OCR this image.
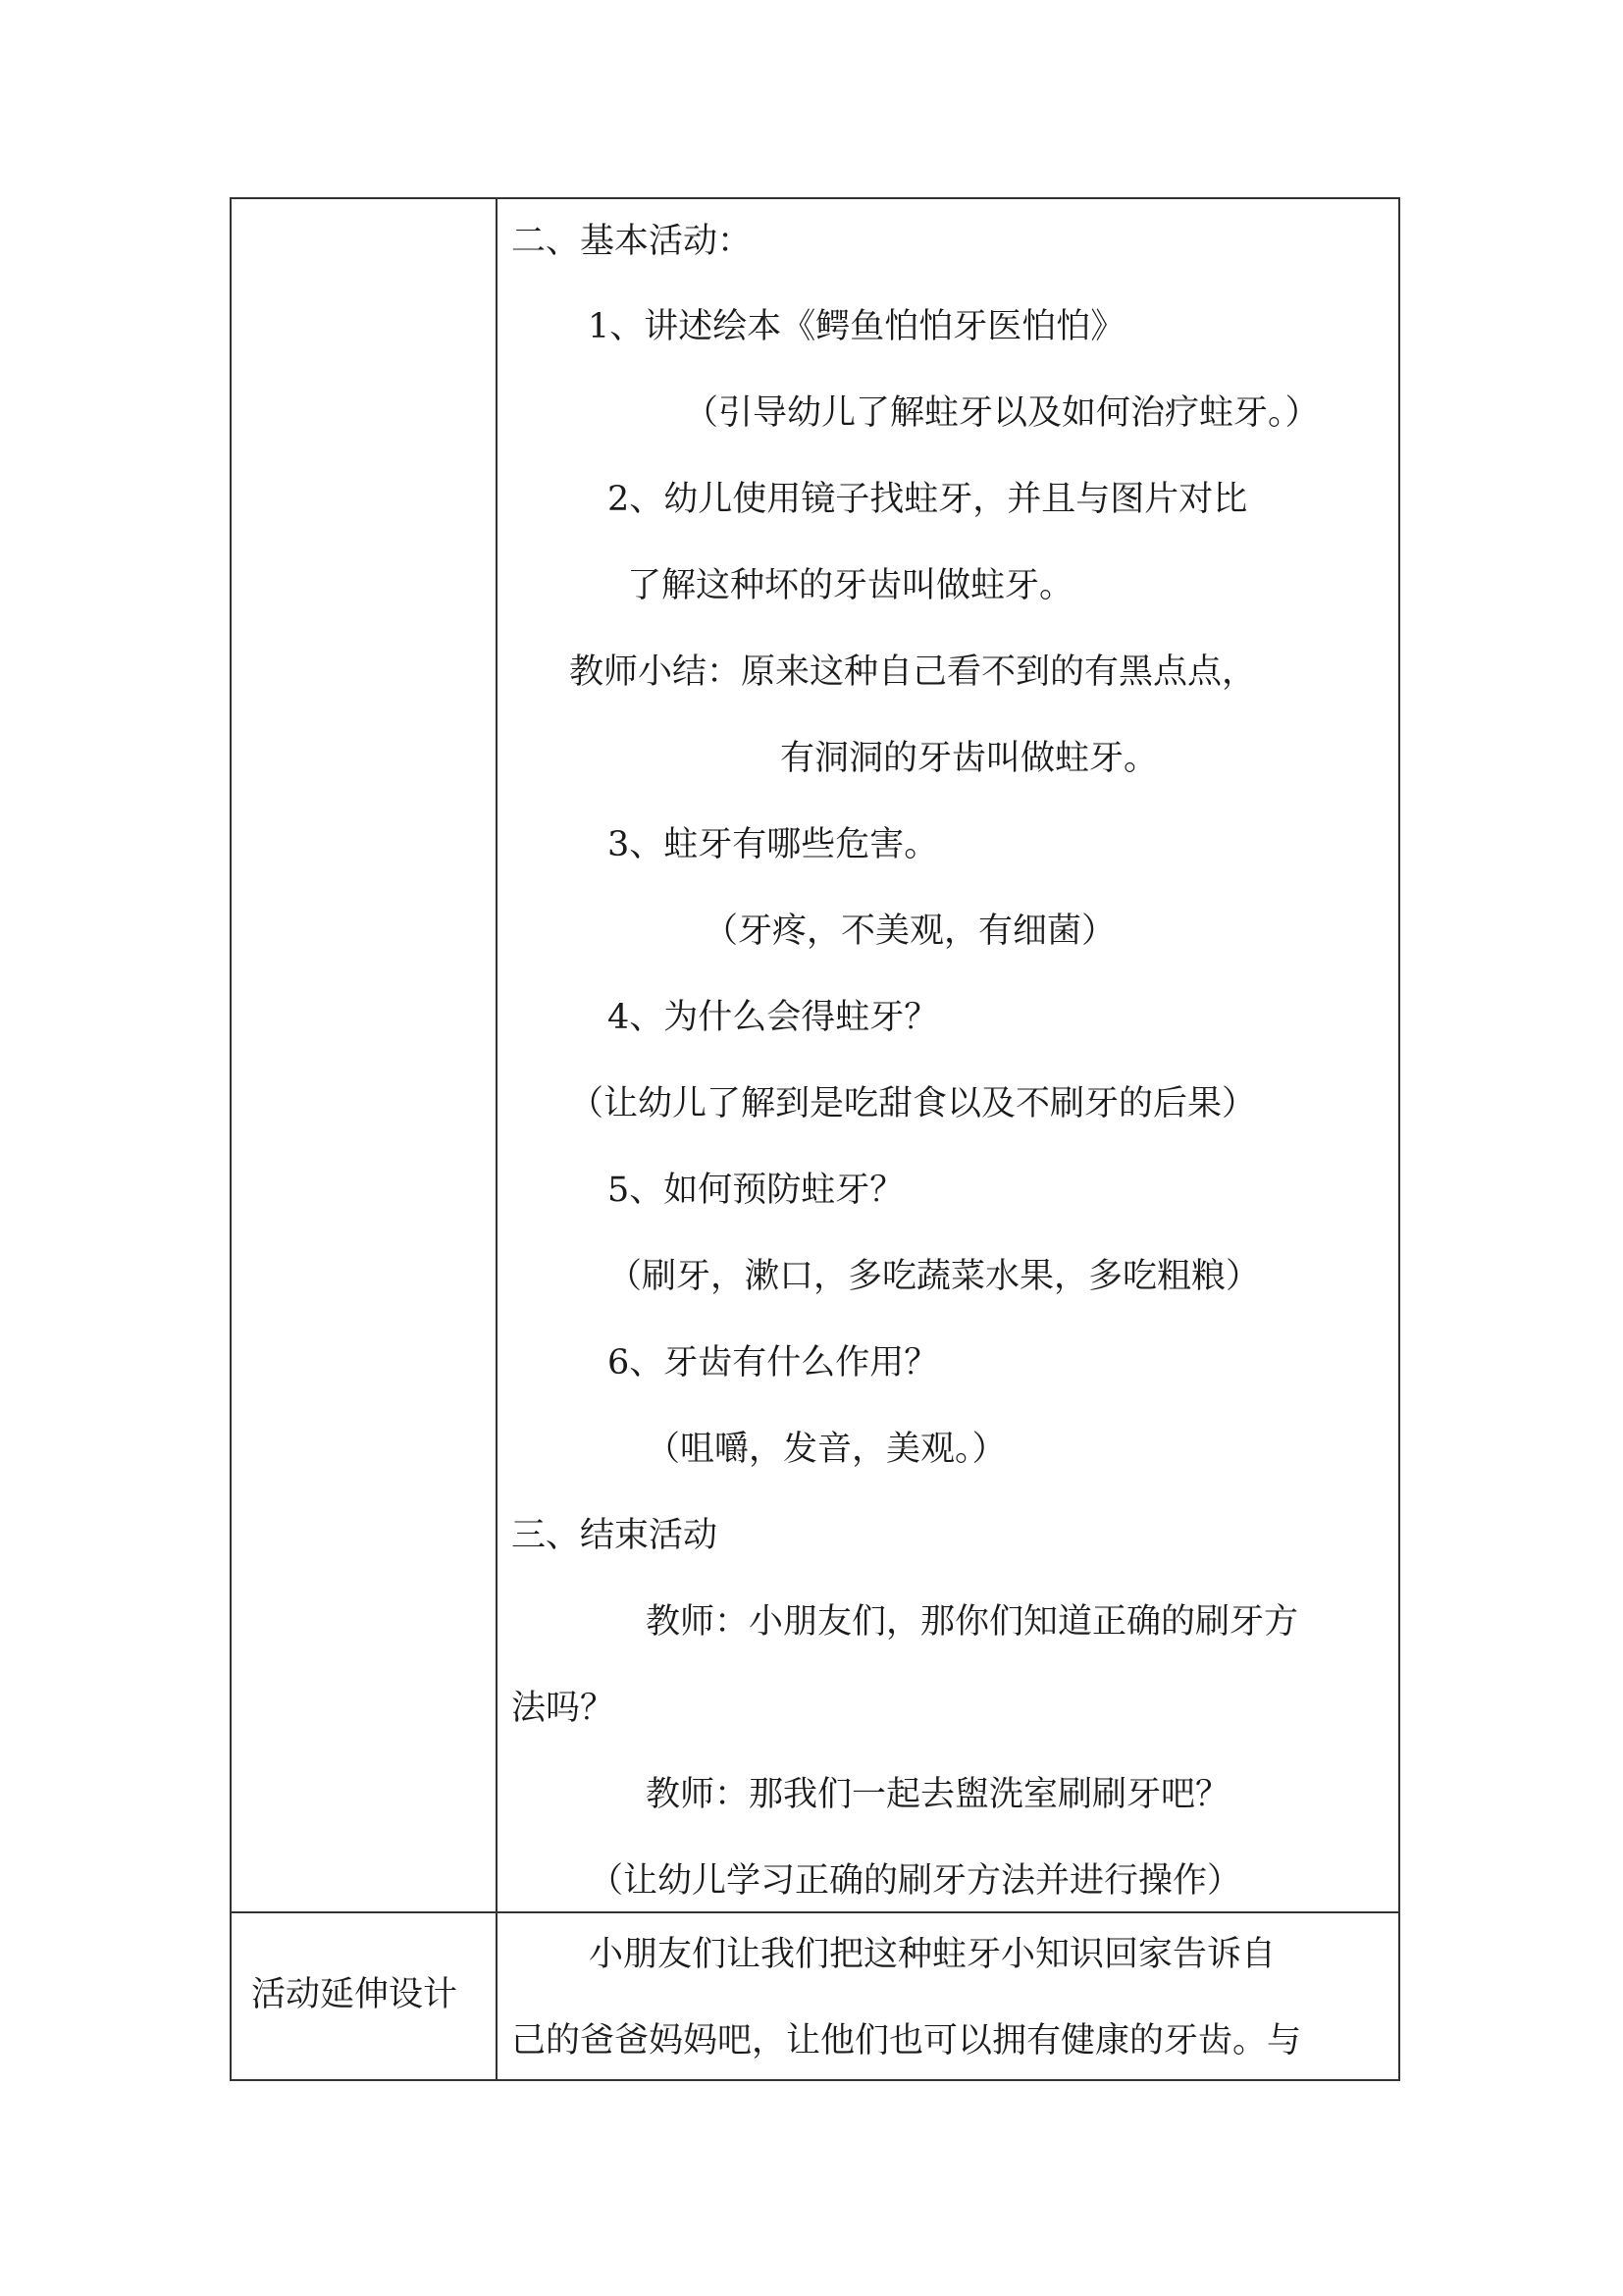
二、基本活动：
1、讲述绘本《鳄鱼怕怕牙医怕怕》
（引导幼儿了解蛀牙以及如何治疗蛀牙。）
2、幼儿使用镜子找蛀牙，并且与图片对比
了解这种坏的牙齿叫做蛀牙。
教师小结：原来这种自己看不到的有黑点点，
有洞洞的牙齿叫做蛀牙。
3、蛀牙有哪些危害。
（牙疼，不美观，有细菌）
4、为什么会得蛀牙？
（让幼儿了解到是吃甜食以及不刷牙的后果）
5、如何预防蛀牙？
（刷牙，漱口，多吃蔬菜水果，多吃粗粮）
6、牙齿有什么作用？
（咀嚼，发音，美观。）
三、结束活动
教师：小朋友们，那你们知道正确的刷牙方
法吗？
教师：那我们一起去盥洗室刷刷牙吧？
（让幼儿学习正确的刷牙方法并进行操作）
活动延伸设计
小朋友们让我们把这种蛀牙小知识回家告诉自
己的爸爸妈妈吧，让他们也可以拥有健康的牙齿。与
